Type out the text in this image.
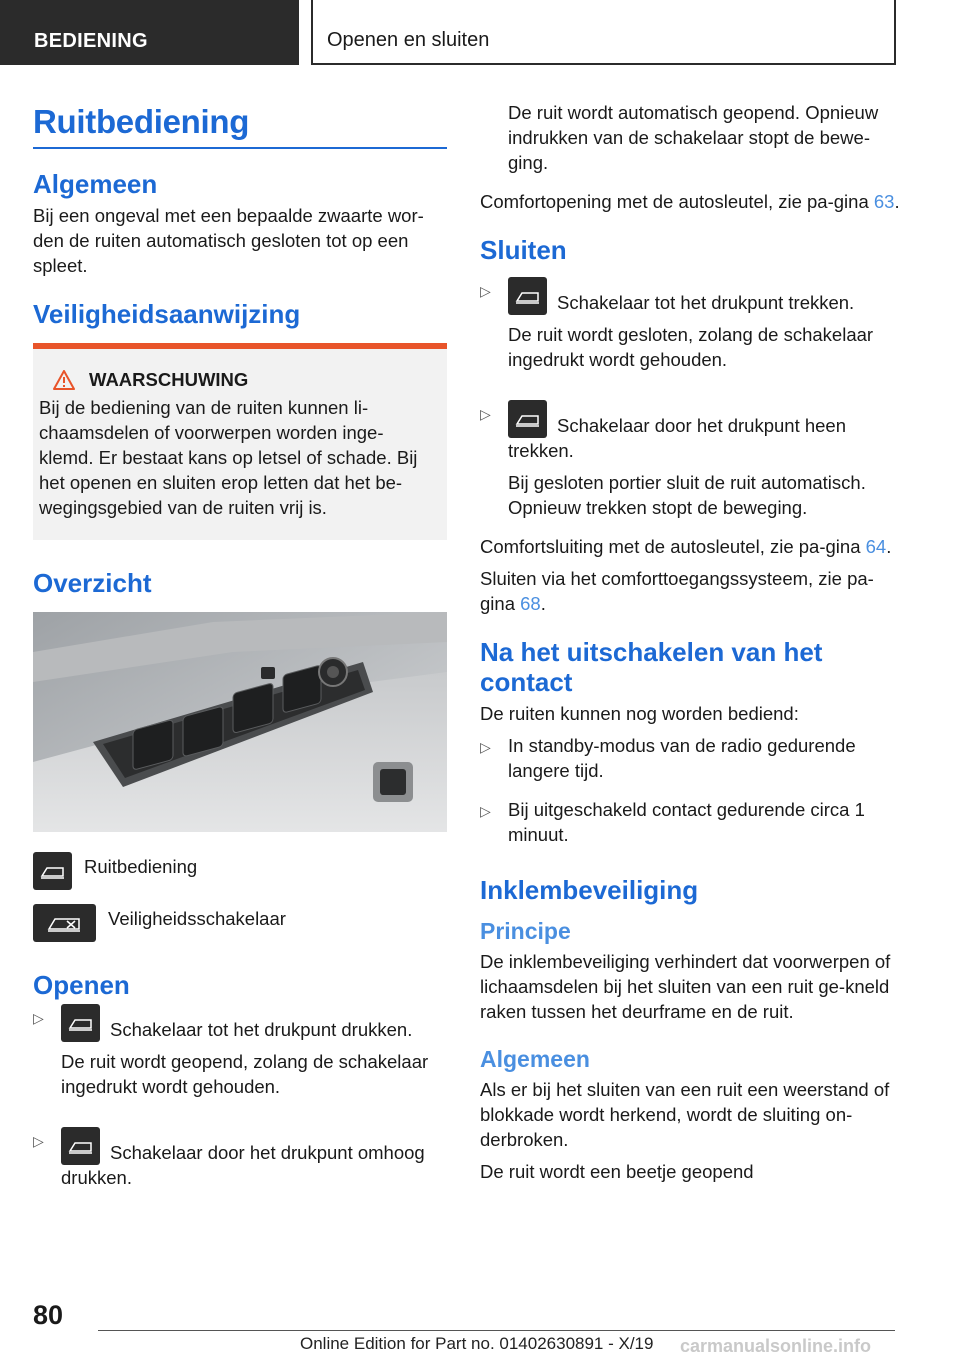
BEDIENING	Openen en sluiten
Ruitbediening
Algemeen

Bij een ongeval met een bepaalde zwaarte wor-den de ruiten automatisch gesloten tot op een spleet.

Veiligheidsaanwijzing
WAARSCHUWING

Bij de bediening van de ruiten kunnen li-chaamsdelen of voorwerpen worden inge-klemd. Er bestaat kans op letsel of schade. Bij het openen en sluiten erop letten dat het be-wegingsgebied van de ruiten vrij is.

Overzicht
Ruitbediening
Veiligheidsschakelaar
Openen
▷

Schakelaar tot het drukpunt drukken.

De ruit wordt geopend, zolang de schakelaar ingedrukt wordt gehouden.

▷

Schakelaar door het drukpunt omhoog drukken.

De ruit wordt automatisch geopend. Opnieuw indrukken van de schakelaar stopt de bewe-ging.

Comfortopening met de autosleutel, zie pa-gina 63.

Sluiten
▷

Schakelaar tot het drukpunt trekken.

De ruit wordt gesloten, zolang de schakelaar ingedrukt wordt gehouden.

▷

Schakelaar door het drukpunt heen trekken.

Bij gesloten portier sluit de ruit automatisch. Opnieuw trekken stopt de beweging.

Comfortsluiting met de autosleutel, zie pa-gina 64.

Sluiten via het comforttoegangssysteem, zie pa-gina 68.

Na het uitschakelen van het contact

De ruiten kunnen nog worden bediend:

▷ In standby-modus van de radio gedurende langere tijd.

▷ Bij uitgeschakeld contact gedurende circa 1 minuut.

Inklembeveiliging
Principe

De inklembeveiliging verhindert dat voorwerpen of lichaamsdelen bij het sluiten van een ruit ge-kneld raken tussen het deurframe en de ruit.

Algemeen

Als er bij het sluiten van een ruit een weerstand of blokkade wordt herkend, wordt de sluiting on-derbroken.

De ruit wordt een beetje geopend

80
Online Edition for Part no. 01402630891 - X/19 carmanualsonline.info
